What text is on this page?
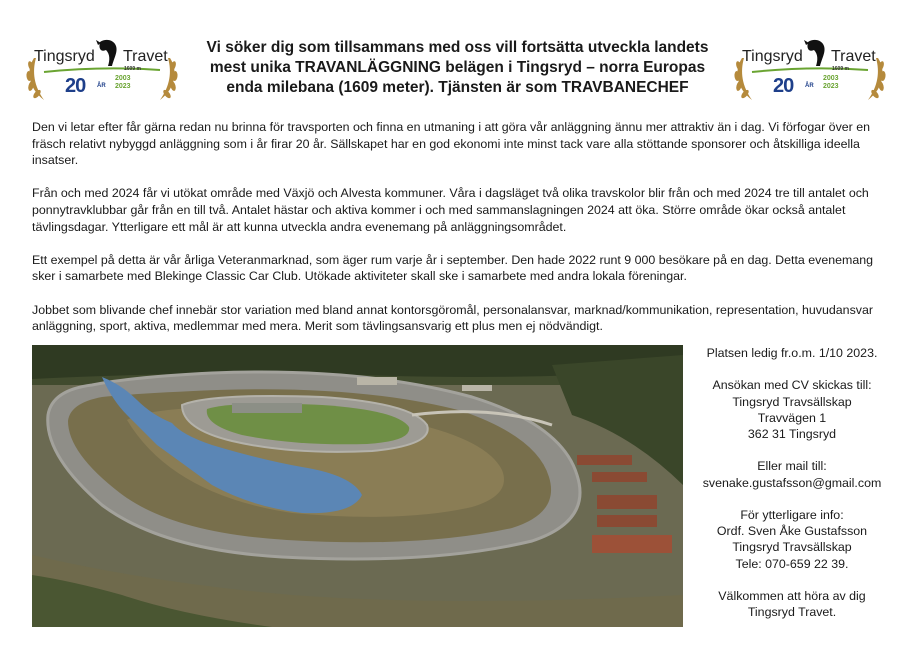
Tingsryd Travet
1609 m
20 ÅR
2003
2023
Vi söker dig som tillsammans med oss vill fortsätta utveckla landets mest unika TRAVANLÄGGNING belägen i Tingsryd – norra Europas enda milebana (1609 meter). Tjänsten är som TRAVBANECHEF
Tingsryd Travet
1609 m
20 ÅR
2003
2023

Den vi letar efter får gärna redan nu brinna för travsporten och finna en utmaning i att göra vår anläggning ännu mer attraktiv än i dag. Vi förfogar över en fräsch relativt nybyggd anläggning som i år firar 20 år. Sällskapet har en god ekonomi inte minst tack vare alla stöttande sponsorer och åtskilliga ideella insatser.

Från och med 2024 får vi utökat område med Växjö och Alvesta kommuner. Våra i dagsläget två olika travskolor blir från och med 2024 tre till antalet och ponnytravklubbar går från en till två. Antalet hästar och aktiva kommer i och med sammanslagningen 2024 att öka. Större område ökar också antalet tävlingsdagar. Ytterligare ett mål är att kunna utveckla andra evenemang på anläggningsområdet.

Ett exempel på detta är vår årliga Veteranmarknad, som äger rum varje år i september. Den hade 2022 runt 9 000 besökare på en dag. Detta evenemang sker i samarbete med Blekinge Classic Car Club. Utökade aktiviteter skall ske i samarbete med andra lokala föreningar.

Jobbet som blivande chef innebär stor variation med bland annat kontorsgöromål, personalansvar, marknad/kommunikation, representation, huvudansvar anläggning, sport, aktiva, medlemmar med mera. Merit som tävlingsansvarig ett plus men ej nödvändigt.

Platsen ledig fr.o.m. 1/10 2023.

Ansökan med CV skickas till:
Tingsryd Travsällskap
Travvägen 1
362 31 Tingsryd

Eller mail till:
svenake.gustafsson@gmail.com

För ytterligare info:
Ordf. Sven Åke Gustafsson
Tingsryd Travsällskap
Tele: 070-659 22 39.

Välkommen att höra av dig
Tingsryd Travet.
